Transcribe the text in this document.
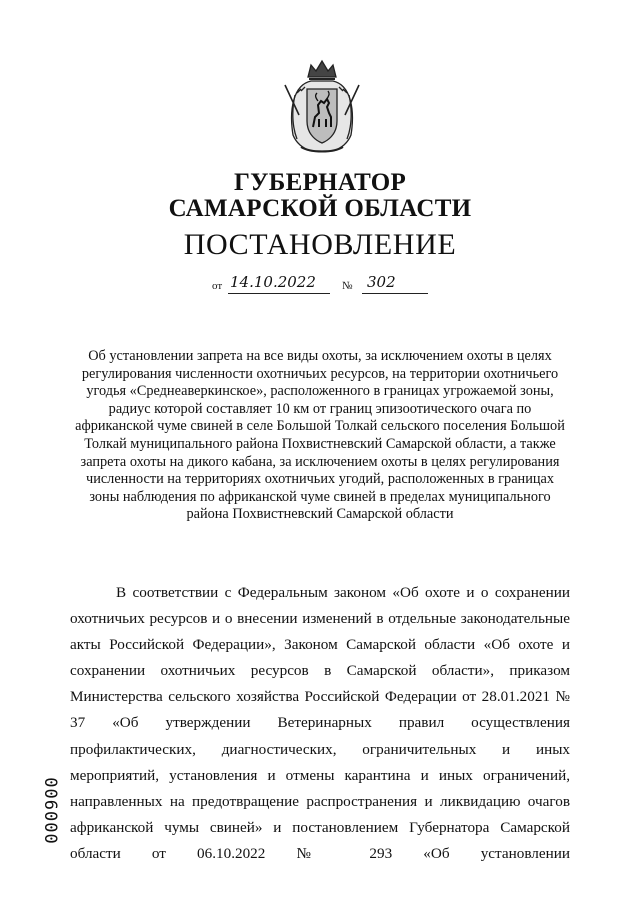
ГУБЕРНАТОР
САМАРСКОЙ ОБЛАСТИ
ПОСТАНОВЛЕНИЕ
от 14.10.2022 № 302
Об установлении запрета на все виды охоты, за исключением охоты в целях регулирования численности охотничьих ресурсов, на территории охотничьего угодья «Среднеаверкинское», расположенного в границах угрожаемой зоны, радиус которой составляет 10 км от границ эпизоотического очага по африканской чуме свиней в селе Большой Толкай сельского поселения Большой Толкай муниципального района Похвистневский Самарской области, а также запрета охоты на дикого кабана, за исключением охоты в целях регулирования численности на территориях охотничьих угодий, расположенных в границах зоны наблюдения по африканской чуме свиней в пределах муниципального района Похвистневский Самарской области

В соответствии с Федеральным законом «Об охоте и о сохранении охотничьих ресурсов и о внесении изменений в отдельные законодательные акты Российской Федерации», Законом Самарской области «Об охоте и сохранении охотничьих ресурсов в Самарской области», приказом Министерства сельского хозяйства Российской Федерации от 28.01.2021 № 37 «Об утверждении Ветеринарных правил осуществления профилактических, диагностических, ограничительных и иных мероприятий, установления и отмены карантина и иных ограничений, направленных на предотвращение распространения и ликвидацию очагов африканской чумы свиней» и постановлением Губернатора Самарской области от 06.10.2022 № 293 «Об установлении

006000
